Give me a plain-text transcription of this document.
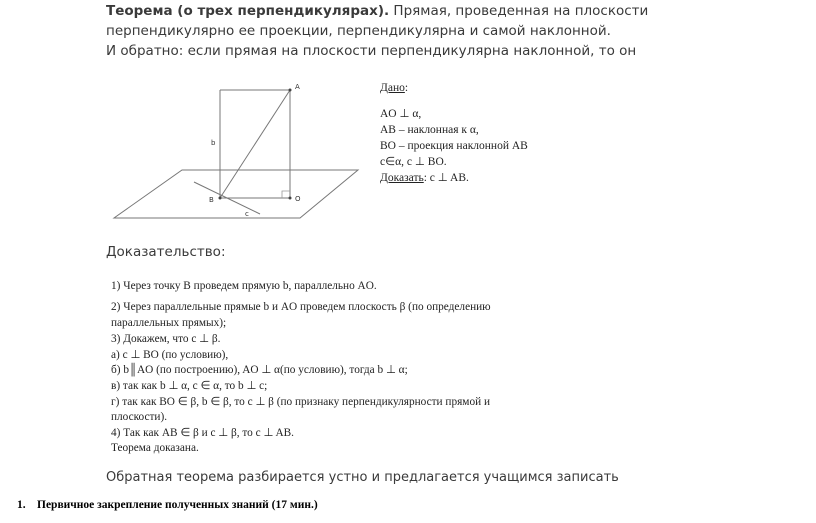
Теорема (о трех перпендикулярах). Прямая, проведенная на плоскости
перпендикулярно ее проекции, перпендикулярна и самой наклонной.
И обратно: если прямая на плоскости перпендикулярна наклонной, то он
A
B	O
b
c
Дано:
AO ⊥ α,
AB – наклонная к α,
BO – проекция наклонной AB
c∈α, c ⊥ BO.
Доказать: c ⊥ AB.
Доказательство:
1) Через точку B проведем прямую b, параллельно AO.
2) Через параллельные прямые b и AO проведем плоскость β (по определению
параллельных прямых);
3) Докажем, что c ⊥ β.
а) c ⊥ BO (по условию),
б) b║AO (по построению), AO ⊥ α(по условию), тогда b ⊥ α;
в) так как b ⊥ α, c ∈ α, то b ⊥ c;
г) так как BO ∈ β, b ∈ β, то c ⊥ β (по признаку перпендикулярности прямой и
плоскости).
4) Так как AB ∈ β и c ⊥ β, то c ⊥ AB.
Теорема доказана.
Обратная теорема разбирается устно и предлагается учащимся записать
1. Первичное закрепление полученных знаний (17 мин.)
